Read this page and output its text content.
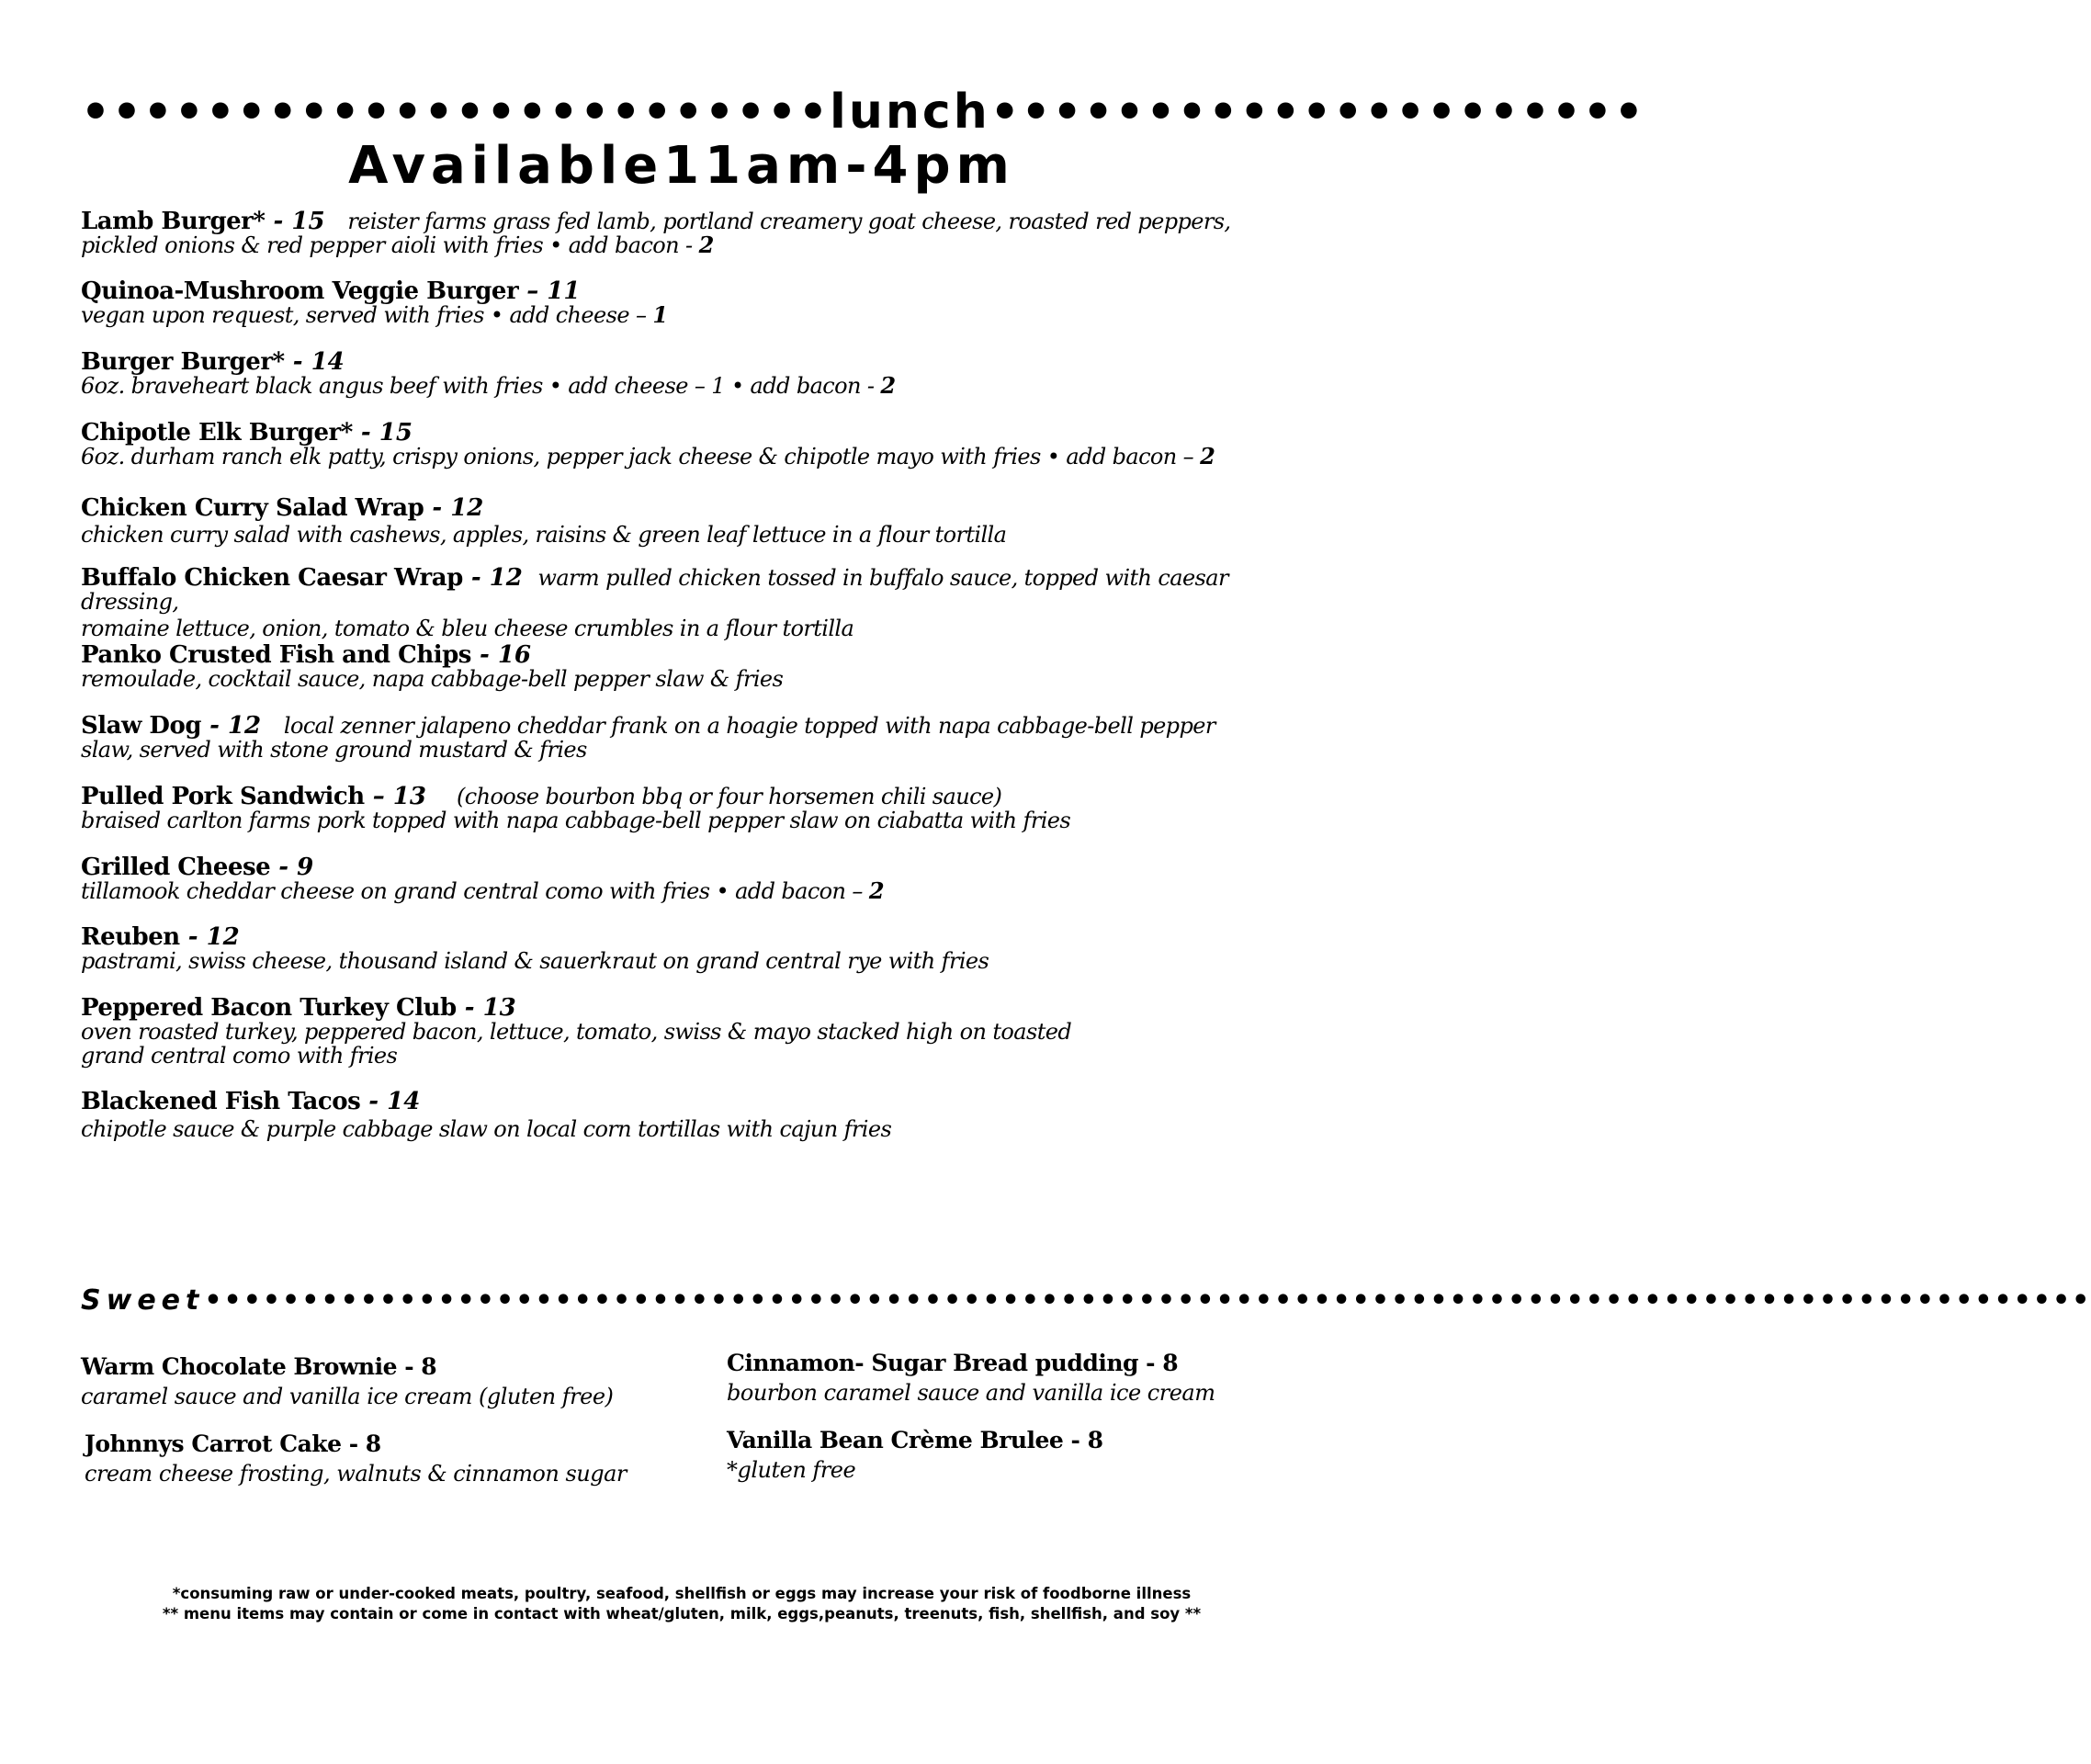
••••••••••••••••••••••••lunch•••••••••••••••••••••
Available11am-4pm
Lamb Burger* - 15 reister farms grass fed lamb, portland creamery goat cheese, roasted red peppers,
pickled onions & red pepper aioli with fries • add bacon - 2
Quinoa-Mushroom Veggie Burger – 11
vegan upon request, served with fries • add cheese – 1
Burger Burger* - 14
6oz. braveheart black angus beef with fries • add cheese – 1 • add bacon - 2
Chipotle Elk Burger* - 15
6oz. durham ranch elk patty, crispy onions, pepper jack cheese & chipotle mayo with fries • add bacon – 2
Chicken Curry Salad Wrap - 12
chicken curry salad with cashews, apples, raisins & green leaf lettuce in a flour tortilla
Buffalo Chicken Caesar Wrap - 12 warm pulled chicken tossed in buffalo sauce, topped with caesar dressing,
romaine lettuce, onion, tomato & bleu cheese crumbles in a flour tortilla
Panko Crusted Fish and Chips - 16
remoulade, cocktail sauce, napa cabbage-bell pepper slaw & fries
Slaw Dog - 12 local zenner jalapeno cheddar frank on a hoagie topped with napa cabbage-bell pepper
slaw, served with stone ground mustard & fries
Pulled Pork Sandwich – 13 (choose bourbon bbq or four horsemen chili sauce)
braised carlton farms pork topped with napa cabbage-bell pepper slaw on ciabatta with fries
Grilled Cheese - 9
tillamook cheddar cheese on grand central como with fries • add bacon – 2
Reuben - 12
pastrami, swiss cheese, thousand island & sauerkraut on grand central rye with fries
Peppered Bacon Turkey Club - 13
oven roasted turkey, peppered bacon, lettuce, tomato, swiss & mayo stacked high on toasted
grand central como with fries
Blackened Fish Tacos - 14
chipotle sauce & purple cabbage slaw on local corn tortillas with cajun fries
Sweet•••••••••••••••••••••••••••••••••••••••••••••••••••••••••••••••••••••••••••••••••••••••••••••••••
Warm Chocolate Brownie - 8
caramel sauce and vanilla ice cream (gluten free)
Johnnys Carrot Cake - 8
cream cheese frosting, walnuts & cinnamon sugar
Cinnamon- Sugar Bread pudding - 8
bourbon caramel sauce and vanilla ice cream
Vanilla Bean Crème Brulee - 8
*gluten free
*consuming raw or under-cooked meats, poultry, seafood, shellfish or eggs may increase your risk of foodborne illness
** menu items may contain or come in contact with wheat/gluten, milk, eggs,peanuts, treenuts, fish, shellfish, and soy **
